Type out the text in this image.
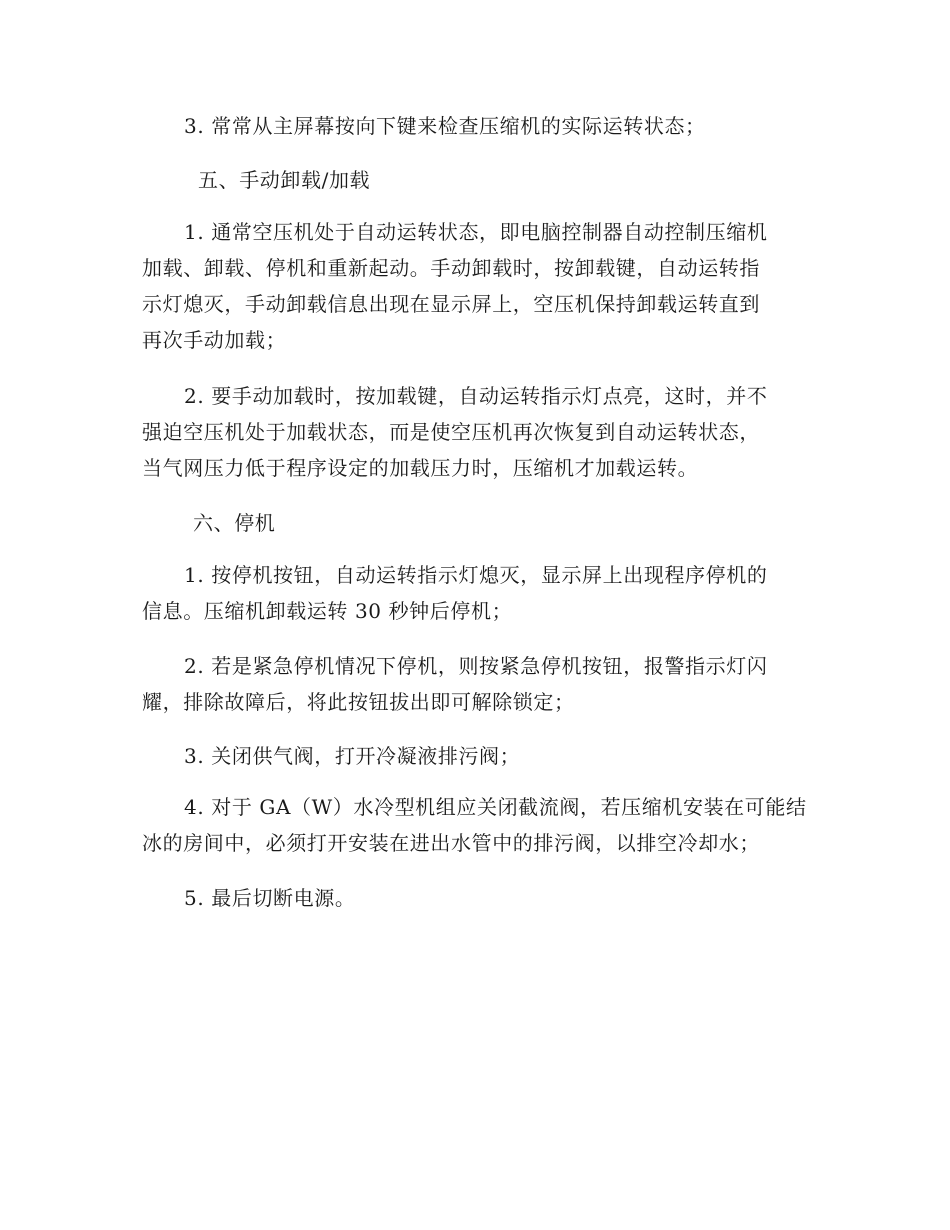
3. 常常从主屏幕按向下键来检查压缩机的实际运转状态；
五、手动卸载/加载
1. 通常空压机处于自动运转状态，即电脑控制器自动控制压缩机
加载、卸载、停机和重新起动。手动卸载时，按卸载键，自动运转指
示灯熄灭，手动卸载信息出现在显示屏上，空压机保持卸载运转直到
再次手动加载；
2. 要手动加载时，按加载键，自动运转指示灯点亮，这时，并不
强迫空压机处于加载状态，而是使空压机再次恢复到自动运转状态，
当气网压力低于程序设定的加载压力时，压缩机才加载运转。
六、停机
1. 按停机按钮，自动运转指示灯熄灭，显示屏上出现程序停机的
信息。压缩机卸载运转 30 秒钟后停机；
2. 若是紧急停机情况下停机，则按紧急停机按钮，报警指示灯闪
耀，排除故障后，将此按钮拔出即可解除锁定；
3. 关闭供气阀，打开冷凝液排污阀；
4. 对于 GA（W）水冷型机组应关闭截流阀，若压缩机安装在可能结
冰的房间中，必须打开安装在进出水管中的排污阀，以排空冷却水；
5. 最后切断电源。
